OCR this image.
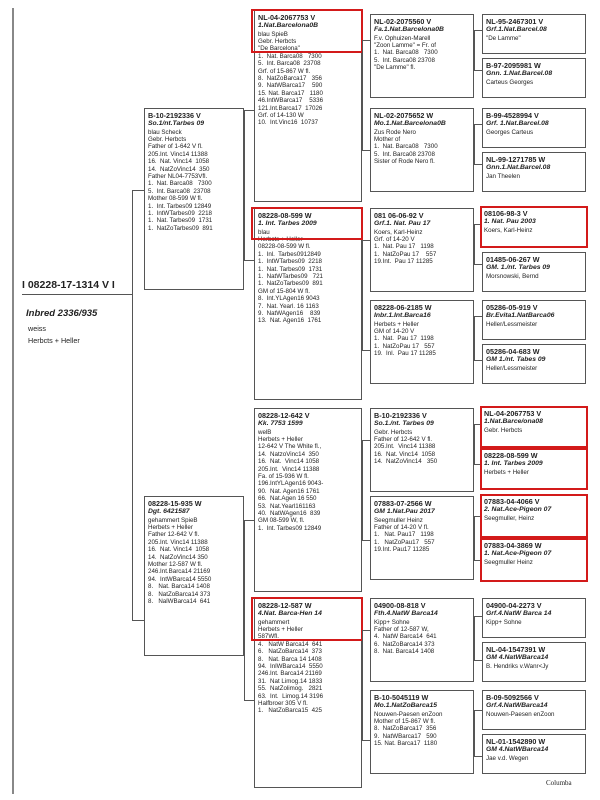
I 08228-17-1314 V I
Inbred 2336/935
weiss
Herbcts + Heller
B-10-2192336 V
So.1/nt.Tarbes 09
blau Scheck
Gebr. Herbcts
Father of 1-642 V fl.
205.Int. Vinc14 11388
16.  Nat. Vinc14  1058
14.  NatZoVinc14  350
Father NL04-7753Vfl.
1.  Nat. Barca08   7300
5.  Int. Barca08  23708
Mother 08-599 W fl.
1.  Int. Tarbes09 12849
1.  IntWTarbes09  2218
1.  Nat. Tarbes09  1731
1.  NatZoTarbes09  891
08228-15-935 W
Dgt. 6421587
gehammert SpieB
Herbets + Heller
Father 12-642 V fl.
205.Int. Vinc14 11388
16.  Nat. Vinc14  1058
14.  NatZoVinc14 350
Mother 12-587 W fl.
246.Int.Barca14 21169
94.  IntWBarca14 5550
8.   Nat. Barca14 1408
8.   NatZoBarca14 373
8.   NalWBarca14  641
NL-04-2067753 V
1.Nat.Barcelona0B
blau SpieB
Gebr. Herbcts
"De Barcelona"
1.  Nat. Barca08   7300
5.  Int. Barca08  23708
Grf. of 15-867 W fl.
8.  NatZoBarca17   356
9.  NatWBarca17    590
15. Nat. Barca17   1180
46.IntWBarca17    5336
121.Int.Barca17  17026
Grf. of 14-130 W
10.  Int.Vinc16  10737
08228-08-599 W
1. Int. Tarbes 2009
blau
Herbcts + Heller
08228-08-599 W fl.
1.  Inl.  Tarbes0912849
1.  IntWTarbes09  2218
1.  Nat. Tarbes09  1731
1.  NatWTarbes09   721
1.  NatZoTarbes09  891
GM of 15-804 W fl.
8.  Int.YLAgen16 9043
7.  Nat. Yearl. 16 1163
9.  NatWAgen16    839
13.  Nat. Agen16  1761
08228-12-642 V
Kk. 7753 1599
welB
Herbets + Heller
12-642 V The White fl.,
14.  NatzoVinc14  350
16.  Nat.  Vinc14 1058
205.Int.  Vinc14 11388
Fa. of 15-936 W fl.
196.IntYLAgen16 9043-
90.  Nat. Agen16 1761
66.  Nat.Agen 16 550
53.  Nat.Yearl161163
40.  NatWAgen16  839
GM 08-599 W, fl.
1.  Int. Tarbes09 12849
08228-12-587 W
4.Nat. Barca-Hen 14
gehammert
Herbets + Heller
587Wfl.
4.   NatW Barca14  641
6.   NatZoBarca14  373
8.   Nat. Barca 14 1408
94.  InlWBarca14  5550
246.Int. Barca14 21169
31.  Nat Limog.14 1833
55.  NatZolimog.   2821
63.  Int.  Limog.14 3196
Halfbroer 305 V fl.
1.   NatZoBarca15  425
NL-02-2075560 V
Fa.1.Nat.Barcelona0B
F.v. Ophuizen-Marell
"Zoon Lamme" = Fr. of
1.  Nat. Barca08   7300
5.  Int. Barca08 23708
"De Lamme" fl.
NL-02-2075652 W
Mo.1.Nat.Barcelona0B
Zus Rode Nero
Mother of
1.  Nat. Barca08   7300
5.  Int. Barca08 23708
Sister of Rode Nero fl.
081 06-06-92 V
Grf.1. Nat. Pau 17
Koers, Karl-Heinz
Grf. of 14-20 V
1.  Nat. Pau 17   1198
1.  NatZoPau 17    557
19.Int.  Pau 17 11285
08228-06-2185 W
Inbr.1.Int.Barca16
Herbets + Heller
GM of 14-20 V
1.  Nat.  Pau 17  1198
1.  NatZoPau 17   557
19.  Inl.  Pau 17 11285
B-10-2192336 V
So.1./nt. Tarbes 09
Gebr. Herbcts
Father of 12-642 V fl.
205.Int.  Vinc14 11388
16.  Nat. Vinc14  1058
14.  NatZoVinc14   350
07883-07-2566 W
GM 1.Nat.Pau 2017
Seegmuller Heinz
Father of 14-20 V fl.
1.   Nat. Pau17   1198
1.   NatZoPau17   557
19.Int. Pau17 11285
04900-08-818 V
Fth.4.NatW Barca14
Kipp+ Sohne
Father of 12-587 W,
4.  NatW Barca14  641
6.  NatZoBarca14 373
8.  Nat. Barca14 1408
B-10-5045119 W
Mo.1.NatZoBarca15
Nouwen-Paesen enZoon
Mother of 15-867 W fl.
8.  NatZoBarca17  356
9.  NatWBarca17   590
15. Nat. Barca17  1180
NL-95-2467301 V
Grf.1.Nat.Barcel.08
"De Lamme"
B-97-2095981 W
Gnn. 1.Nat.Barcel.08
Carteus Georges
B-99-4528994 V
Grf. 1.Nat.Barcel.08
Georges Carteus
NL-99-1271785 W
Gnn.1.Nat.Barcel.08
Jan Theelen
08106-98-3 V
1. Nat. Pau 2003
Koers, Karl-Heinz
01485-06-267 W
GM. 1./nt. Tarbes 09
Morsnowski, Bernd
05286-05-919 V
Br.Evita1.NatBarca06
Heller/Lessmeister
05286-04-683 W
GM 1./nt. Tabes 09
Heller/Lessmeister
NL-04-2067753 V
1.Nat.Barce/ona08
Gebr. Herbcts
08228-08-599 W
1. Int. Tarbes 2009
Herbets + Heller
07883-04-4066 V
2. Nat.Ace-Pigeon 07
Seegmuller, Heinz
07883-04-3869 W
1. Nat.Ace-Pigeon 07
Seegmuller Heinz
04900-04-2273 V
Grf.4.NatW Barca 14
Kipp+ Sohne
NL-04-1547391 W
GM 4.NatWBarca14
B. Hendriks v.Wanr<Jy
B-09-5092566 V
Grf.4.NatWBarca14
Nouwen-Paesen enZoon
NL-01-1542890 W
GM 4.NatWBarca14
Jae v.d. Wegen
Columba
